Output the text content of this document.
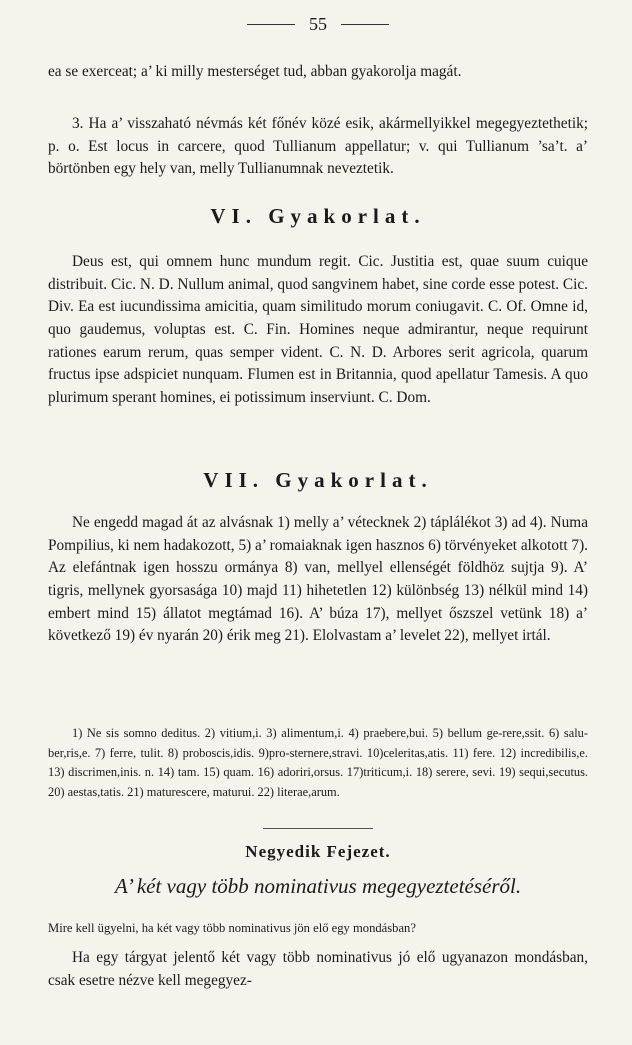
55

ea se exerceat; a’ ki milly mesterséget tud, abban gyakorolja magát.

3. Ha a’ visszaható névmás két főnév közé esik, akármellyikkel megegyeztethetik; p. o. Est locus in carcere, quod Tullianum appellatur; v. qui Tullianum ’sa’t. a’ börtönben egy hely van, melly Tullianumnak neveztetik.

VI. Gyakorlat.

Deus est, qui omnem hunc mundum regit. Cic. Justitia est, quae suum cuique distribuit. Cic. N. D. Nullum animal, quod sangvinem habet, sine corde esse potest. Cic. Div. Ea est iucundissima amicitia, quam similitudo morum coniugavit. C. Of. Omne id, quo gaudemus, voluptas est. C. Fin. Homines neque admirantur, neque requirunt rationes earum rerum, quas semper vident. C. N. D. Arbores serit agricola, quarum fructus ipse adspiciet nunquam. Flumen est in Britannia, quod apellatur Tamesis. A quo plurimum sperant homines, ei potissimum inserviunt. C. Dom.

VII. Gyakorlat.

Ne engedd magad át az alvásnak 1) melly a’ vétecknek 2) táplálékot 3) ad 4). Numa Pompilius, ki nem hadakozott, 5) a’ romaiaknak igen hasznos 6) törvényeket alkotott 7). Az elefántnak igen hosszu ormánya 8) van, mellyel ellenségét földhöz sujtja 9). A’ tigris, mellynek gyorsasága 10) majd 11) hihetetlen 12) különbség 13) nélkül mind 14) embert mind 15) állatot megtámad 16). A’ búza 17), mellyet őszszel vetünk 18) a’ következő 19) év nyarán 20) érik meg 21). Elolvastam a’ levelet 22), mellyet irtál.

1) Ne sis somno deditus. 2) vitium,i. 3) alimentum,i. 4) praebere,bui. 5) bellum ge-rere,ssit. 6) salu-ber,ris,e. 7) ferre, tulit. 8) proboscis,idis. 9)pro-sternere,stravi. 10)celeritas,atis. 11) fere. 12) incredibilis,e. 13) discrimen,inis. n. 14) tam. 15) quam. 16) adoriri,orsus. 17)triticum,i. 18) serere, sevi. 19) sequi,secutus. 20) aestas,tatis. 21) maturescere, maturui. 22) literae,arum.

Negyedik Fejezet.
A’ két vagy több nominativus megegyeztetéséről.

Mire kell ügyelni, ha két vagy több nominativus jön elő egy mondásban?

Ha egy tárgyat jelentő két vagy több nominativus jó elő ugyanazon mondásban, csak esetre nézve kell megegyez-
